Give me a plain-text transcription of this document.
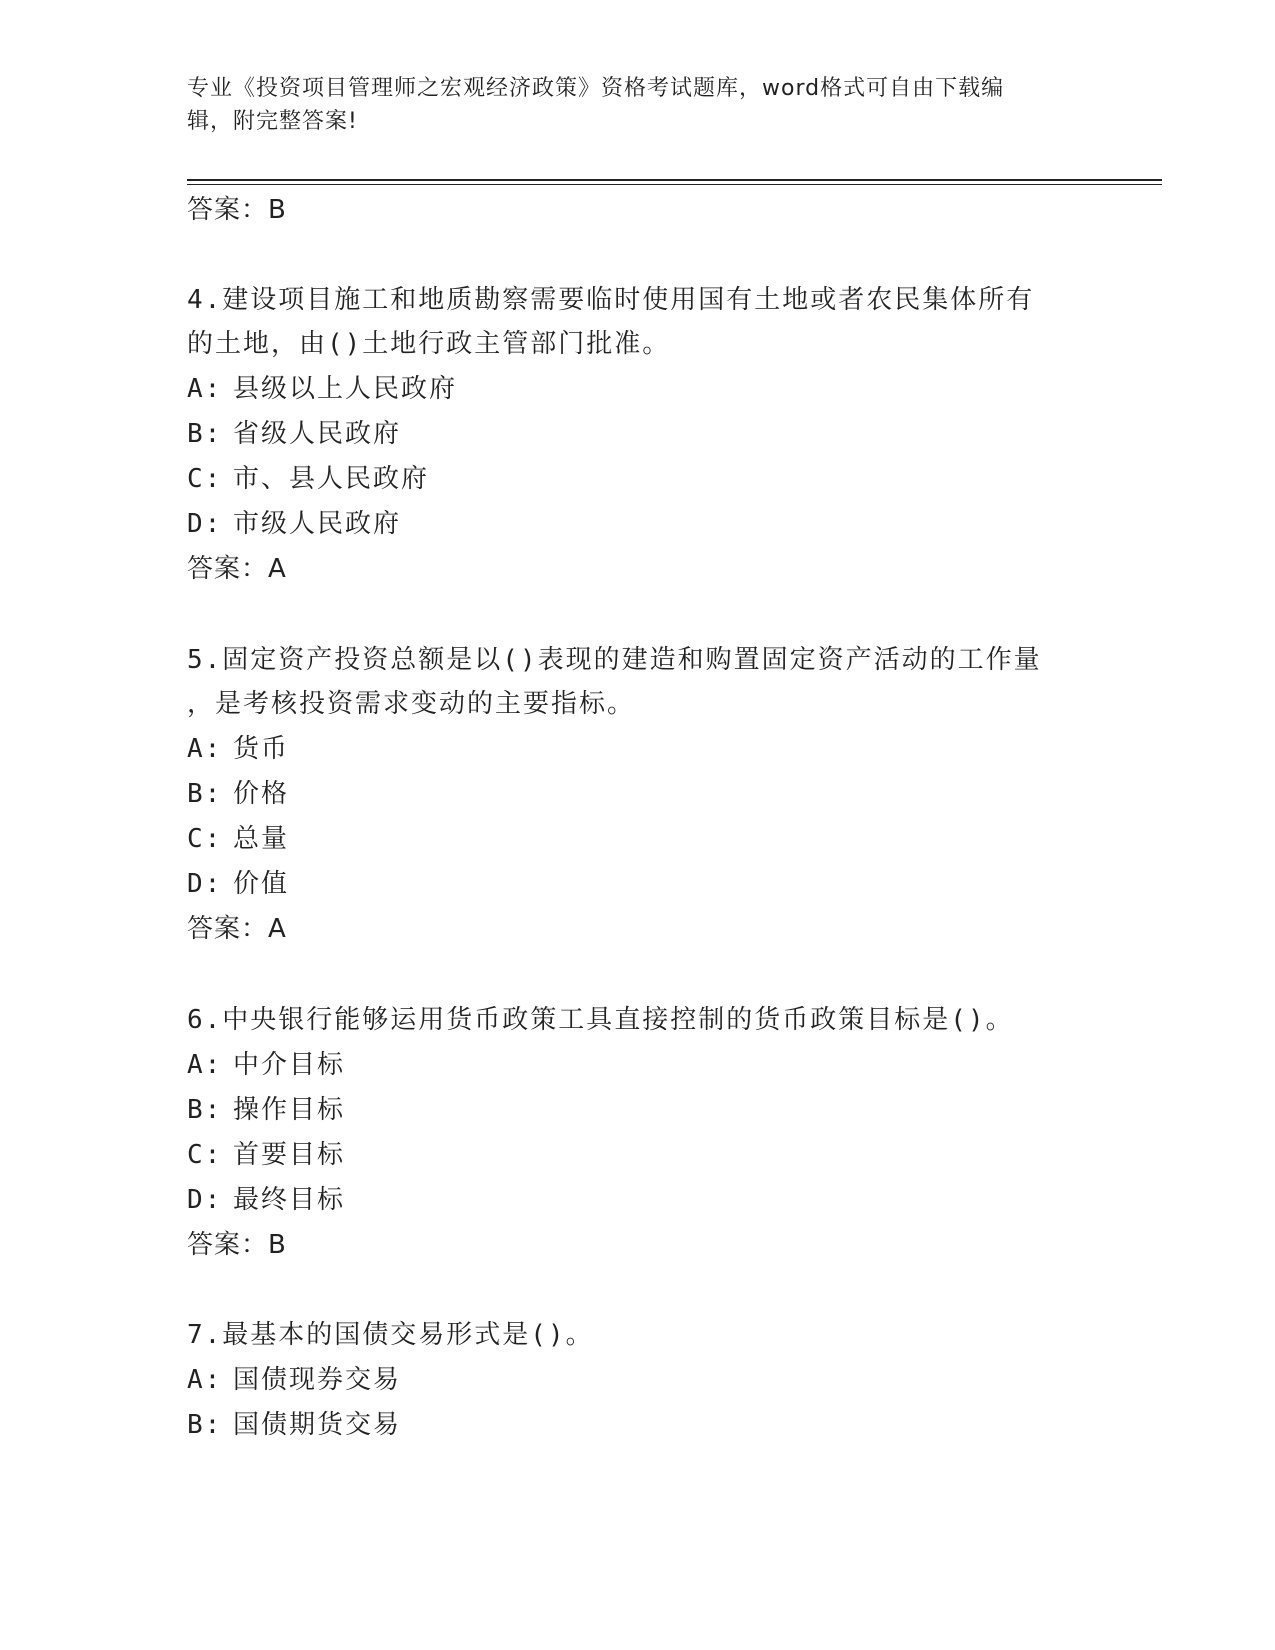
专业《投资项目管理师之宏观经济政策》资格考试题库，word格式可自由下载编
辑，附完整答案!
答案：B
4.建设项目施工和地质勘察需要临时使用国有土地或者农民集体所有
的土地，由()土地行政主管部门批准。
A: 县级以上人民政府
B: 省级人民政府
C: 市、县人民政府
D: 市级人民政府
答案：A
5.固定资产投资总额是以()表现的建造和购置固定资产活动的工作量
，是考核投资需求变动的主要指标。
A: 货币
B: 价格
C: 总量
D: 价值
答案：A
6.中央银行能够运用货币政策工具直接控制的货币政策目标是()。
A: 中介目标
B: 操作目标
C: 首要目标
D: 最终目标
答案：B
7.最基本的国债交易形式是()。
A: 国债现券交易
B: 国债期货交易
